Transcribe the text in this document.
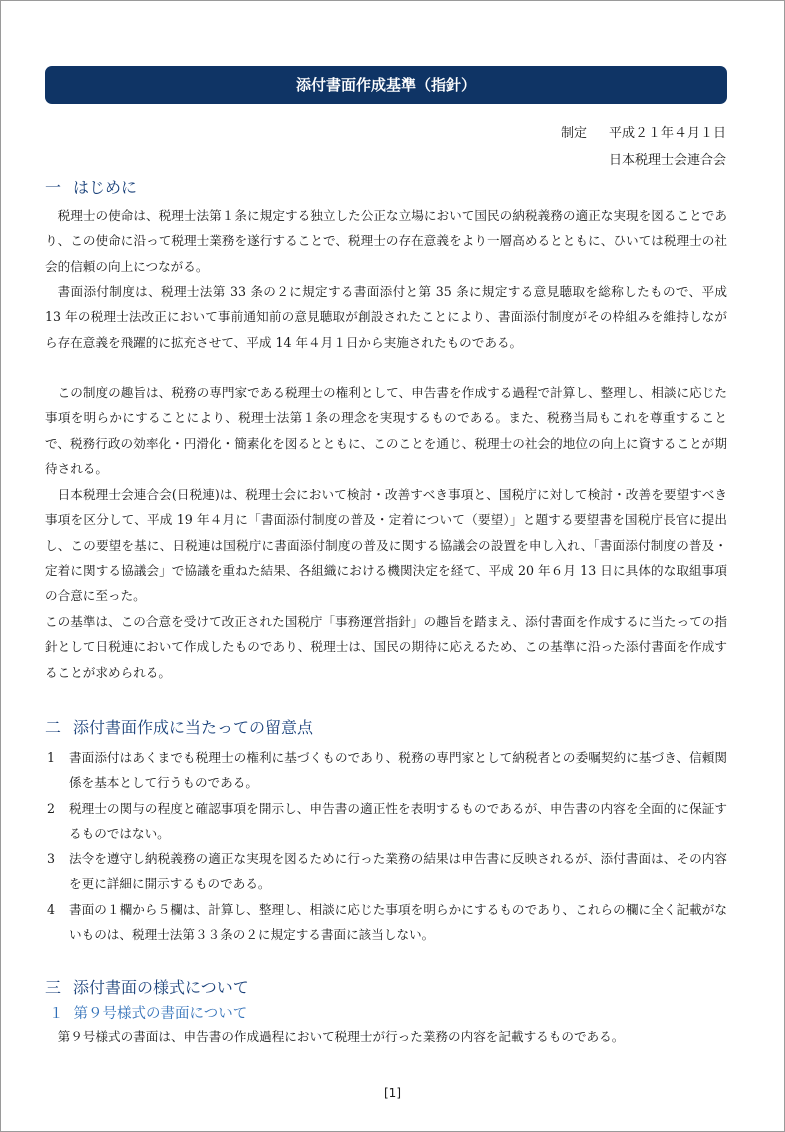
添付書面作成基準（指針）
制定 平成２１年４月１日
日本税理士会連合会
一 はじめに

税理士の使命は、税理士法第１条に規定する独立した公正な立場において国民の納税義務の適正な実現を図ることであり、この使命に沿って税理士業務を遂行することで、税理士の存在意義をより一層高めるとともに、ひいては税理士の社会的信頼の向上につながる。

書面添付制度は、税理士法第 33 条の２に規定する書面添付と第 35 条に規定する意見聴取を総称したもので、平成 13 年の税理士法改正において事前通知前の意見聴取が創設されたことにより、書面添付制度がその枠組みを維持しながら存在意義を飛躍的に拡充させて、平成 14 年４月１日から実施されたものである。

この制度の趣旨は、税務の専門家である税理士の権利として、申告書を作成する過程で計算し、整理し、相談に応じた事項を明らかにすることにより、税理士法第１条の理念を実現するものである。また、税務当局もこれを尊重することで、税務行政の効率化・円滑化・簡素化を図るとともに、このことを通じ、税理士の社会的地位の向上に資することが期待される。

日本税理士会連合会(日税連)は、税理士会において検討・改善すべき事項と、国税庁に対して検討・改善を要望すべき事項を区分して、平成 19 年４月に「書面添付制度の普及・定着について（要望）」と題する要望書を国税庁長官に提出し、この要望を基に、日税連は国税庁に書面添付制度の普及に関する協議会の設置を申し入れ、「書面添付制度の普及・定着に関する協議会」で協議を重ねた結果、各組織における機関決定を経て、平成 20 年６月 13 日に具体的な取組事項の合意に至った。

この基準は、この合意を受けて改正された国税庁「事務運営指針」の趣旨を踏まえ、添付書面を作成するに当たっての指針として日税連において作成したものであり、税理士は、国民の期待に応えるため、この基準に沿った添付書面を作成することが求められる。

二 添付書面作成に当たっての留意点
1 書面添付はあくまでも税理士の権利に基づくものであり、税務の専門家として納税者との委嘱契約に基づき、信頼関係を基本として行うものである。
2 税理士の関与の程度と確認事項を開示し、申告書の適正性を表明するものであるが、申告書の内容を全面的に保証するものではない。
3 法令を遵守し納税義務の適正な実現を図るために行った業務の結果は申告書に反映されるが、添付書面は、その内容を更に詳細に開示するものである。
4 書面の１欄から５欄は、計算し、整理し、相談に応じた事項を明らかにするものであり、これらの欄に全く記載がないものは、税理士法第３３条の２に規定する書面に該当しない。
三 添付書面の様式について
１ 第９号様式の書面について

第９号様式の書面は、申告書の作成過程において税理士が行った業務の内容を記載するものである。

[1]
